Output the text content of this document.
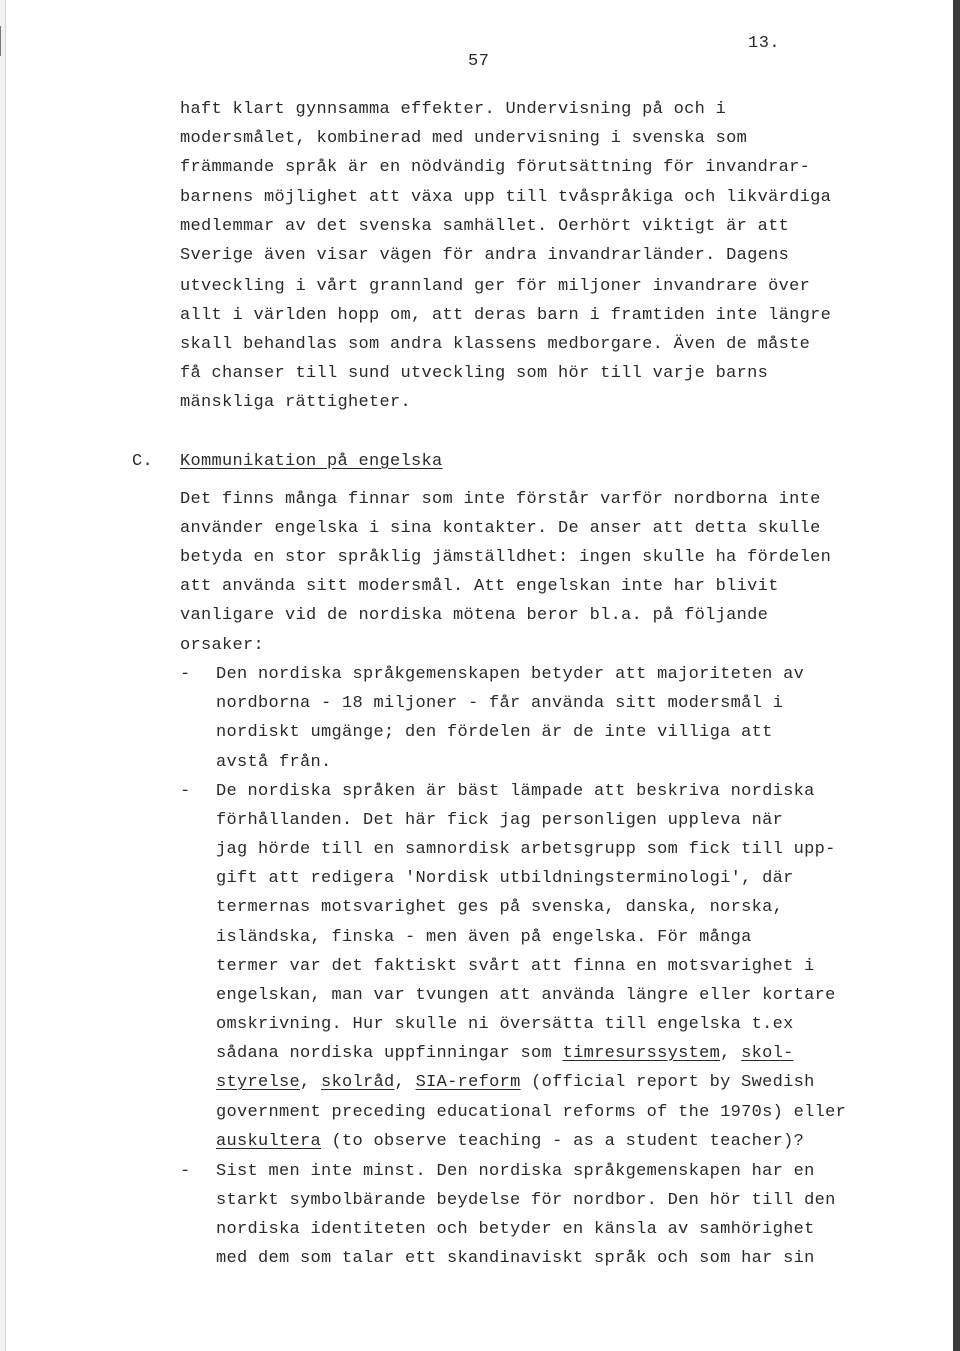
13.
57
haft klart gynnsamma effekter. Undervisning på och i
modersmålet, kombinerad med undervisning i svenska som
främmande språk är en nödvändig förutsättning för invandrar-
barnens möjlighet att växa upp till tvåspråkiga och likvärdiga
medlemmar av det svenska samhället. Oerhört viktigt är att
Sverige även visar vägen för andra invandrarländer. Dagens
utveckling i vårt grannland ger för miljoner invandrare över
allt i världen hopp om, att deras barn i framtiden inte längre
skall behandlas som andra klassens medborgare. Även de måste
få chanser till sund utveckling som hör till varje barns
mänskliga rättigheter.
C. Kommunikation på engelska
Det finns många finnar som inte förstår varför nordborna inte
använder engelska i sina kontakter. De anser att detta skulle
betyda en stor språklig jämställdhet: ingen skulle ha fördelen
att använda sitt modersmål. Att engelskan inte har blivit
vanligare vid de nordiska mötena beror bl.a. på följande
orsaker:
- Den nordiska språkgemenskapen betyder att majoriteten av
nordborna - 18 miljoner - får använda sitt modersmål i
nordiskt umgänge; den fördelen är de inte villiga att
avstå från.
- De nordiska språken är bäst lämpade att beskriva nordiska
förhållanden. Det här fick jag personligen uppleva när
jag hörde till en samnordisk arbetsgrupp som fick till upp-
gift att redigera 'Nordisk utbildningsterminologi', där
termernas motsvarighet ges på svenska, danska, norska,
isländska, finska - men även på engelska. För många
termer var det faktiskt svårt att finna en motsvarighet i
engelskan, man var tvungen att använda längre eller kortare
omskrivning. Hur skulle ni översätta till engelska t.ex
sådana nordiska uppfinningar som timresurssystem, skol-
styrelse, skolråd, SIA-reform (official report by Swedish
government preceding educational reforms of the 1970s) eller
auskultera (to observe teaching - as a student teacher)?
- Sist men inte minst. Den nordiska språkgemenskapen har en
starkt symbolbärande beydelse för nordbor. Den hör till den
nordiska identiteten och betyder en känsla av samhörighet
med dem som talar ett skandinaviskt språk och som har sin
